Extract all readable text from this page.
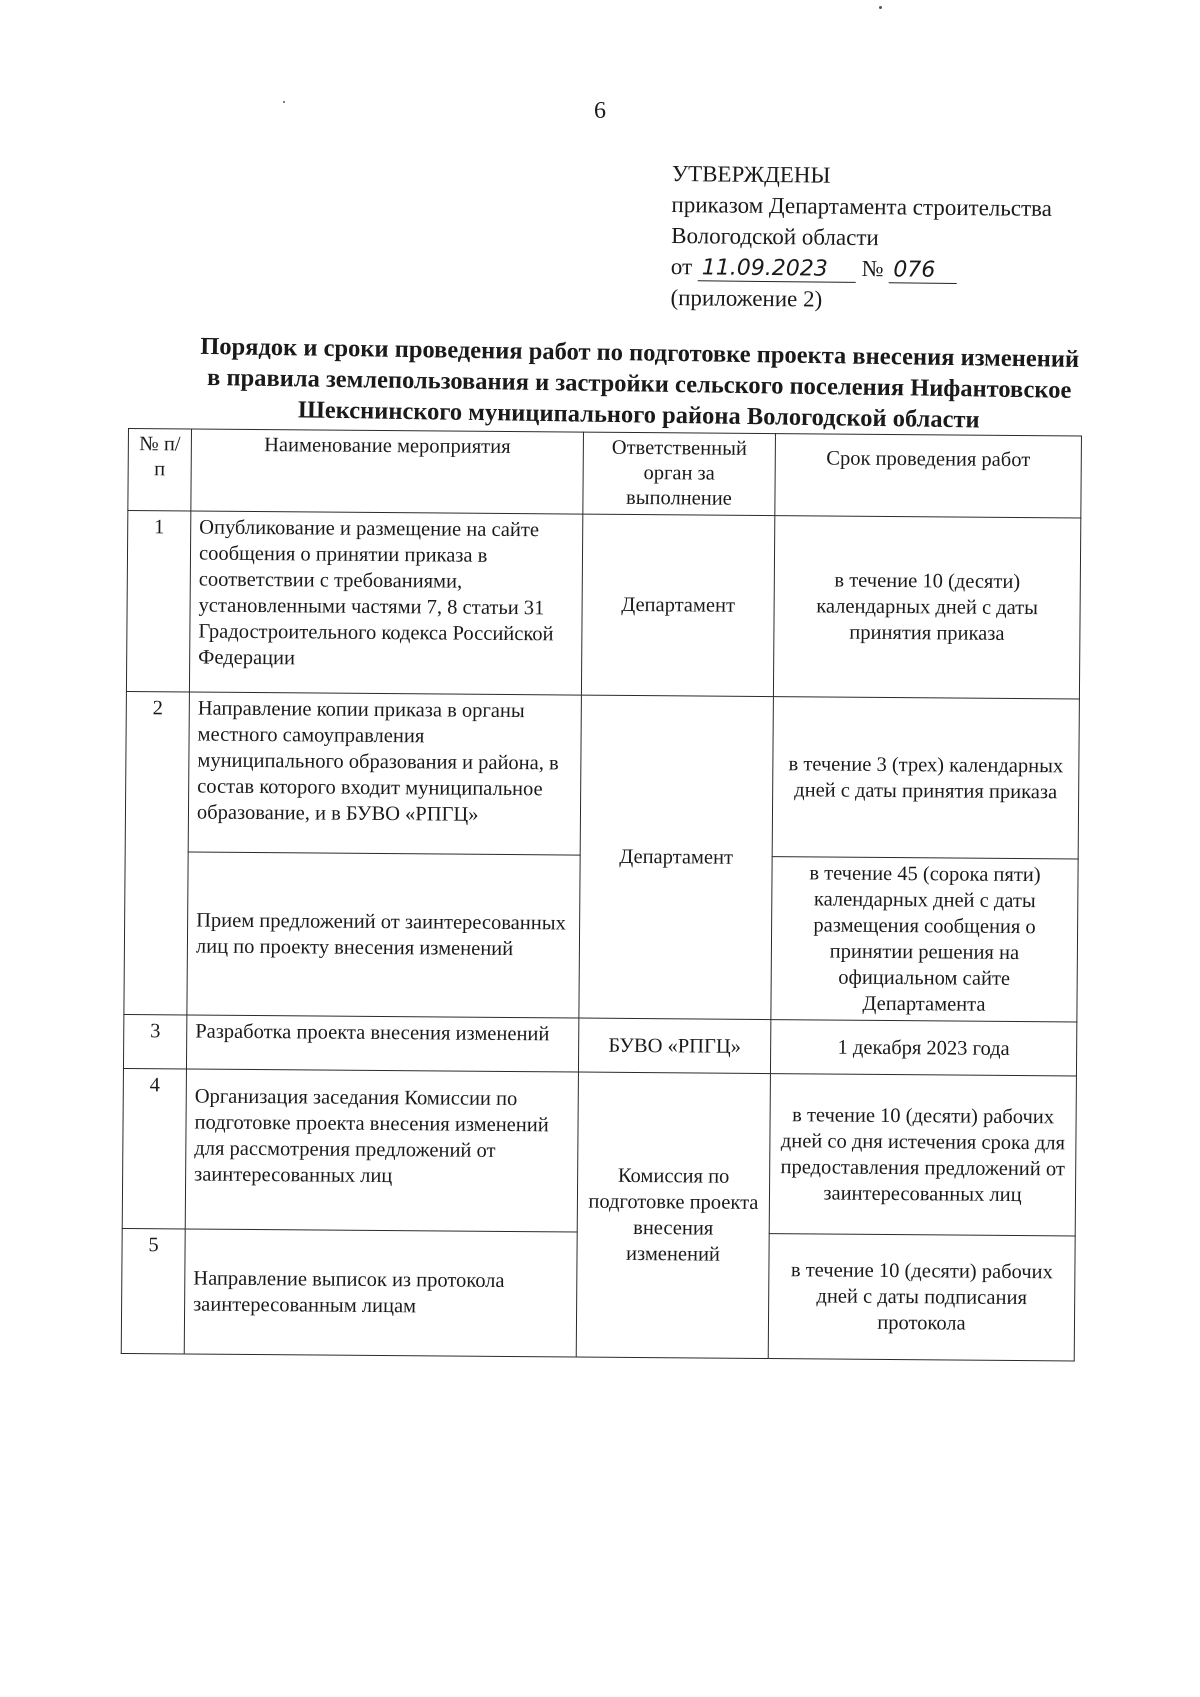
6
УТВЕРЖДЕНЫ
приказом Департамента строительства
Вологодской области
от 11.09.2023 № 076
(приложение 2)
Порядок и сроки проведения работ по подготовке проекта внесения изменений
в правила землепользования и застройки сельского поселения Нифантовское
Шекснинского муниципального района Вологодской области
№ п/п	Наименование мероприятия	Ответственный орган за выполнение	Срок проведения работ
1	Опубликование и размещение на сайте сообщения о принятии приказа в соответствии с требованиями, установленными частями 7, 8 статьи 31 Градостроительного кодекса Российской Федерации	Департамент	в течение 10 (десяти) календарных дней с даты принятия приказа
2	Направление копии приказа в органы местного самоуправления муниципального образования и района, в состав которого входит муниципальное образование, и в БУВО «РПГЦ»	Департамент	в течение 3 (трех) календарных дней с даты принятия приказа
	Прием предложений от заинтересованных лиц по проекту внесения изменений		в течение 45 (сорока пяти) календарных дней с даты размещения сообщения о принятии решения на официальном сайте Департамента
3	Разработка проекта внесения изменений	БУВО «РПГЦ»	1 декабря 2023 года
4	Организация заседания Комиссии по подготовке проекта внесения изменений для рассмотрения предложений от заинтересованных лиц	Комиссия по подготовке проекта внесения изменений	в течение 10 (десяти) рабочих дней со дня истечения срока для предоставления предложений от заинтересованных лиц
5	Направление выписок из протокола заинтересованным лицам		в течение 10 (десяти) рабочих дней с даты подписания протокола
